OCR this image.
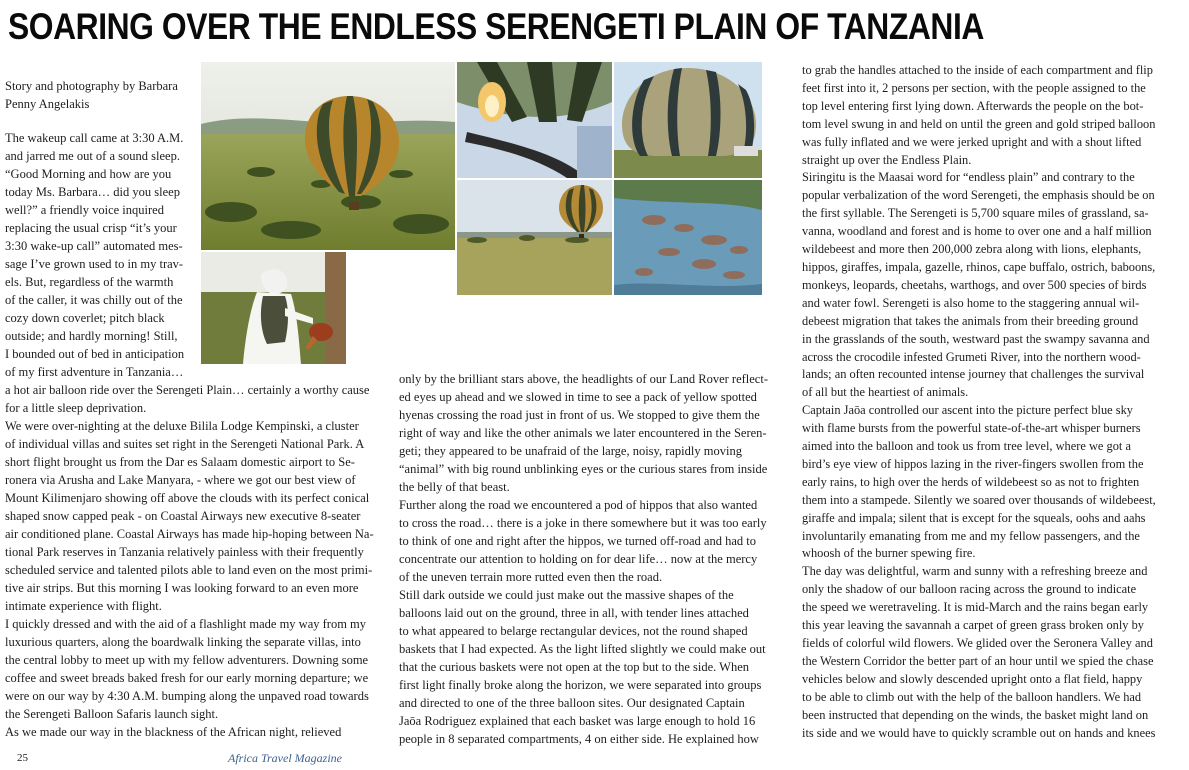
SOARING OVER THE ENDLESS SERENGETI PLAIN OF TANZANIA

Story and photography by Barbara
Penny Angelakis

The wakeup call came at 3:30 A.M.
and jarred me out of a sound sleep.
“Good Morning and how are you
today Ms. Barbara… did you sleep
well?” a friendly voice inquired
replacing the usual crisp “it’s your
3:30 wake-up call” automated mes-
sage I’ve grown used to in my trav-
els. But, regardless of the warmth
of the caller, it was chilly out of the
cozy down coverlet; pitch black
outside; and hardly morning! Still,
I bounded out of bed in anticipation
of my first adventure in Tanzania…

a hot air balloon ride over the Serengeti Plain… certainly a worthy cause
for a little sleep deprivation.

We were over-nighting at the deluxe Bilila Lodge Kempinski, a cluster
of individual villas and suites set right in the Serengeti National Park. A
short flight brought us from the Dar es Salaam domestic airport to Se-
ronera via Arusha and Lake Manyara, - where we got our best view of
Mount Kilimenjaro showing off above the clouds with its perfect conical
shaped snow capped peak - on Coastal Airways new executive 8-seater
air conditioned plane. Coastal Airways has made hip-hoping between Na-
tional Park reserves in Tanzania relatively painless with their frequently
scheduled service and talented pilots able to land even on the most primi-
tive air strips. But this morning I was looking forward to an even more
intimate experience with flight.

I quickly dressed and with the aid of a flashlight made my way from my
luxurious quarters, along the boardwalk linking the separate villas, into
the central lobby to meet up with my fellow adventurers. Downing some
coffee and sweet breads baked fresh for our early morning departure; we
were on our way by 4:30 A.M. bumping along the unpaved road towards
the Serengeti Balloon Safaris launch sight.

As we made our way in the blackness of the African night, relieved

only by the brilliant stars above, the headlights of our Land Rover reflect-
ed eyes up ahead and we slowed in time to see a pack of yellow spotted
hyenas crossing the road just in front of us. We stopped to give them the
right of way and like the other animals we later encountered in the Seren-
geti; they appeared to be unafraid of the large, noisy, rapidly moving
“animal” with big round unblinking eyes or the curious stares from inside
the belly of that beast.

Further along the road we encountered a pod of hippos that also wanted
to cross the road… there is a joke in there somewhere but it was too early
to think of one and right after the hippos, we turned off-road and had to
concentrate our attention to holding on for dear life… now at the mercy
of the uneven terrain more rutted even then the road.

Still dark outside we could just make out the massive shapes of the
balloons laid out on the ground, three in all, with tender lines attached
to what appeared to belarge rectangular devices, not the round shaped
baskets that I had expected. As the light lifted slightly we could make out
that the curious baskets were not open at the top but to the side. When
first light finally broke along the horizon, we were separated into groups
and directed to one of the three balloon sites. Our designated Captain
Jaōa Rodriguez explained that each basket was large enough to hold 16
people in 8 separated compartments, 4 on either side. He explained how

to grab the handles attached to the inside of each compartment and flip
feet first into it, 2 persons per section, with the people assigned to the
top level entering first lying down. Afterwards the people on the bot-
tom level swung in and held on until the green and gold striped balloon
was fully inflated and we were jerked upright and with a shout lifted
straight up over the Endless Plain.

Siringitu is the Maasai word for “endless plain” and contrary to the
popular verbalization of the word Serengeti, the emphasis should be on
the first syllable. The Serengeti is 5,700 square miles of grassland, sa-
vanna, woodland and forest and is home to over one and a half million
wildebeest and more then 200,000 zebra along with lions, elephants,
hippos, giraffes, impala, gazelle, rhinos, cape buffalo, ostrich, baboons,
monkeys, leopards, cheetahs, warthogs, and over 500 species of birds
and water fowl. Serengeti is also home to the staggering annual wil-
debeest migration that takes the animals from their breeding ground
in the grasslands of the south, westward past the swampy savanna and
across the crocodile infested Grumeti River, into the northern wood-
lands; an often recounted intense journey that challenges the survival
of all but the heartiest of animals.

Captain Jaōa controlled our ascent into the picture perfect blue sky
with flame bursts from the powerful state-of-the-art whisper burners
aimed into the balloon and took us from tree level, where we got a
bird’s eye view of hippos lazing in the river-fingers swollen from the
early rains, to high over the herds of wildebeest so as not to frighten
them into a stampede. Silently we soared over thousands of wildebeest,
giraffe and impala; silent that is except for the squeals, oohs and aahs
involuntarily emanating from me and my fellow passengers, and the
whoosh of the burner spewing fire.

The day was delightful, warm and sunny with a refreshing breeze and
only the shadow of our balloon racing across the ground to indicate
the speed we weretraveling. It is mid-March and the rains began early
this year leaving the savannah a carpet of green grass broken only by
fields of colorful wild flowers. We glided over the Seronera Valley and
the Western Corridor the better part of an hour until we spied the chase
vehicles below and slowly descended upright onto a flat field, happy
to be able to climb out with the help of the balloon handlers. We had
been instructed that depending on the winds, the basket might land on
its side and we would have to quickly scramble out on hands and knees

25	Africa Travel Magazine
